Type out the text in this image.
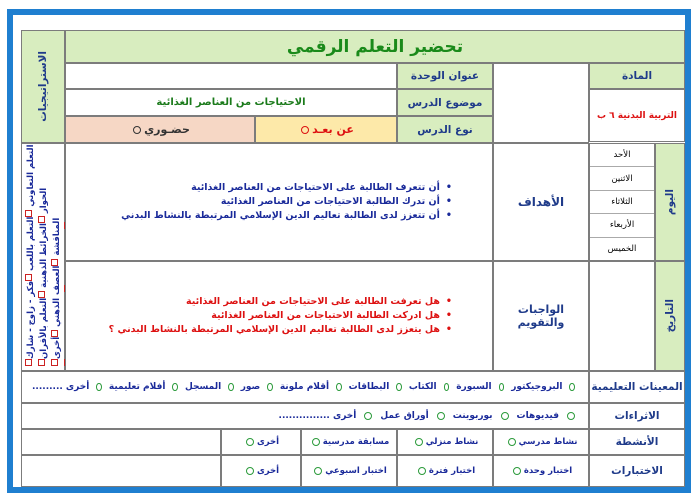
تحضير التعلم الرقمي
الاستراتيجيات
التعلم التعاوني التعلم باللعب فكر - زاوج - شارك
الحوار الخرائط الذهنية التعلم بالأقران
المناقشة العصف الذهني أخرى

المادة
التربية البدنية ٦ ب
عنوان الوحدة
موضوع الدرس
الاحتياجات من العناصر الغذائية
نوع الدرس
عن بعـد
حضـوري
اليوم
الأحد
الاثنين
الثلاثاء
الأربعاء
الخميس
التاريخ
الأهداف
• أن تتعرف الطالبة على الاحتياجات من العناصر الغذائية
• أن تدرك الطالبة الاحتياجات من العناصر الغذائية
• أن تتعزز لدى الطالبة تعاليم الدين الإسلامي المرتبطة بالنشاط البدني
الواجبات والتقويم
• هل تعرفت الطالبة على الاحتياجات من العناصر الغذائية
• هل ادركت الطالبة الاحتياجات من العناصر الغذائية
• هل يتعزز لدى الطالبة تعاليم الدين الإسلامي المرتبطة بالنشاط البدني ؟
المعينات التعليمية
البروجيكتور
السبورة
الكتاب
البطاقات
أقلام ملونة
صور
المسجل
أفلام تعليمية
أخرى .........
الاثراءات
فيديوهات
بوربوينت
أوراق عمل
أخرى ...............
الأنشطة
نشاط مدرسي
نشاط منزلي
مسابقة مدرسية
أخرى
الاختبارات
اختبار وحدة
اختبار فترة
اختبار اسبوعي
أخرى
